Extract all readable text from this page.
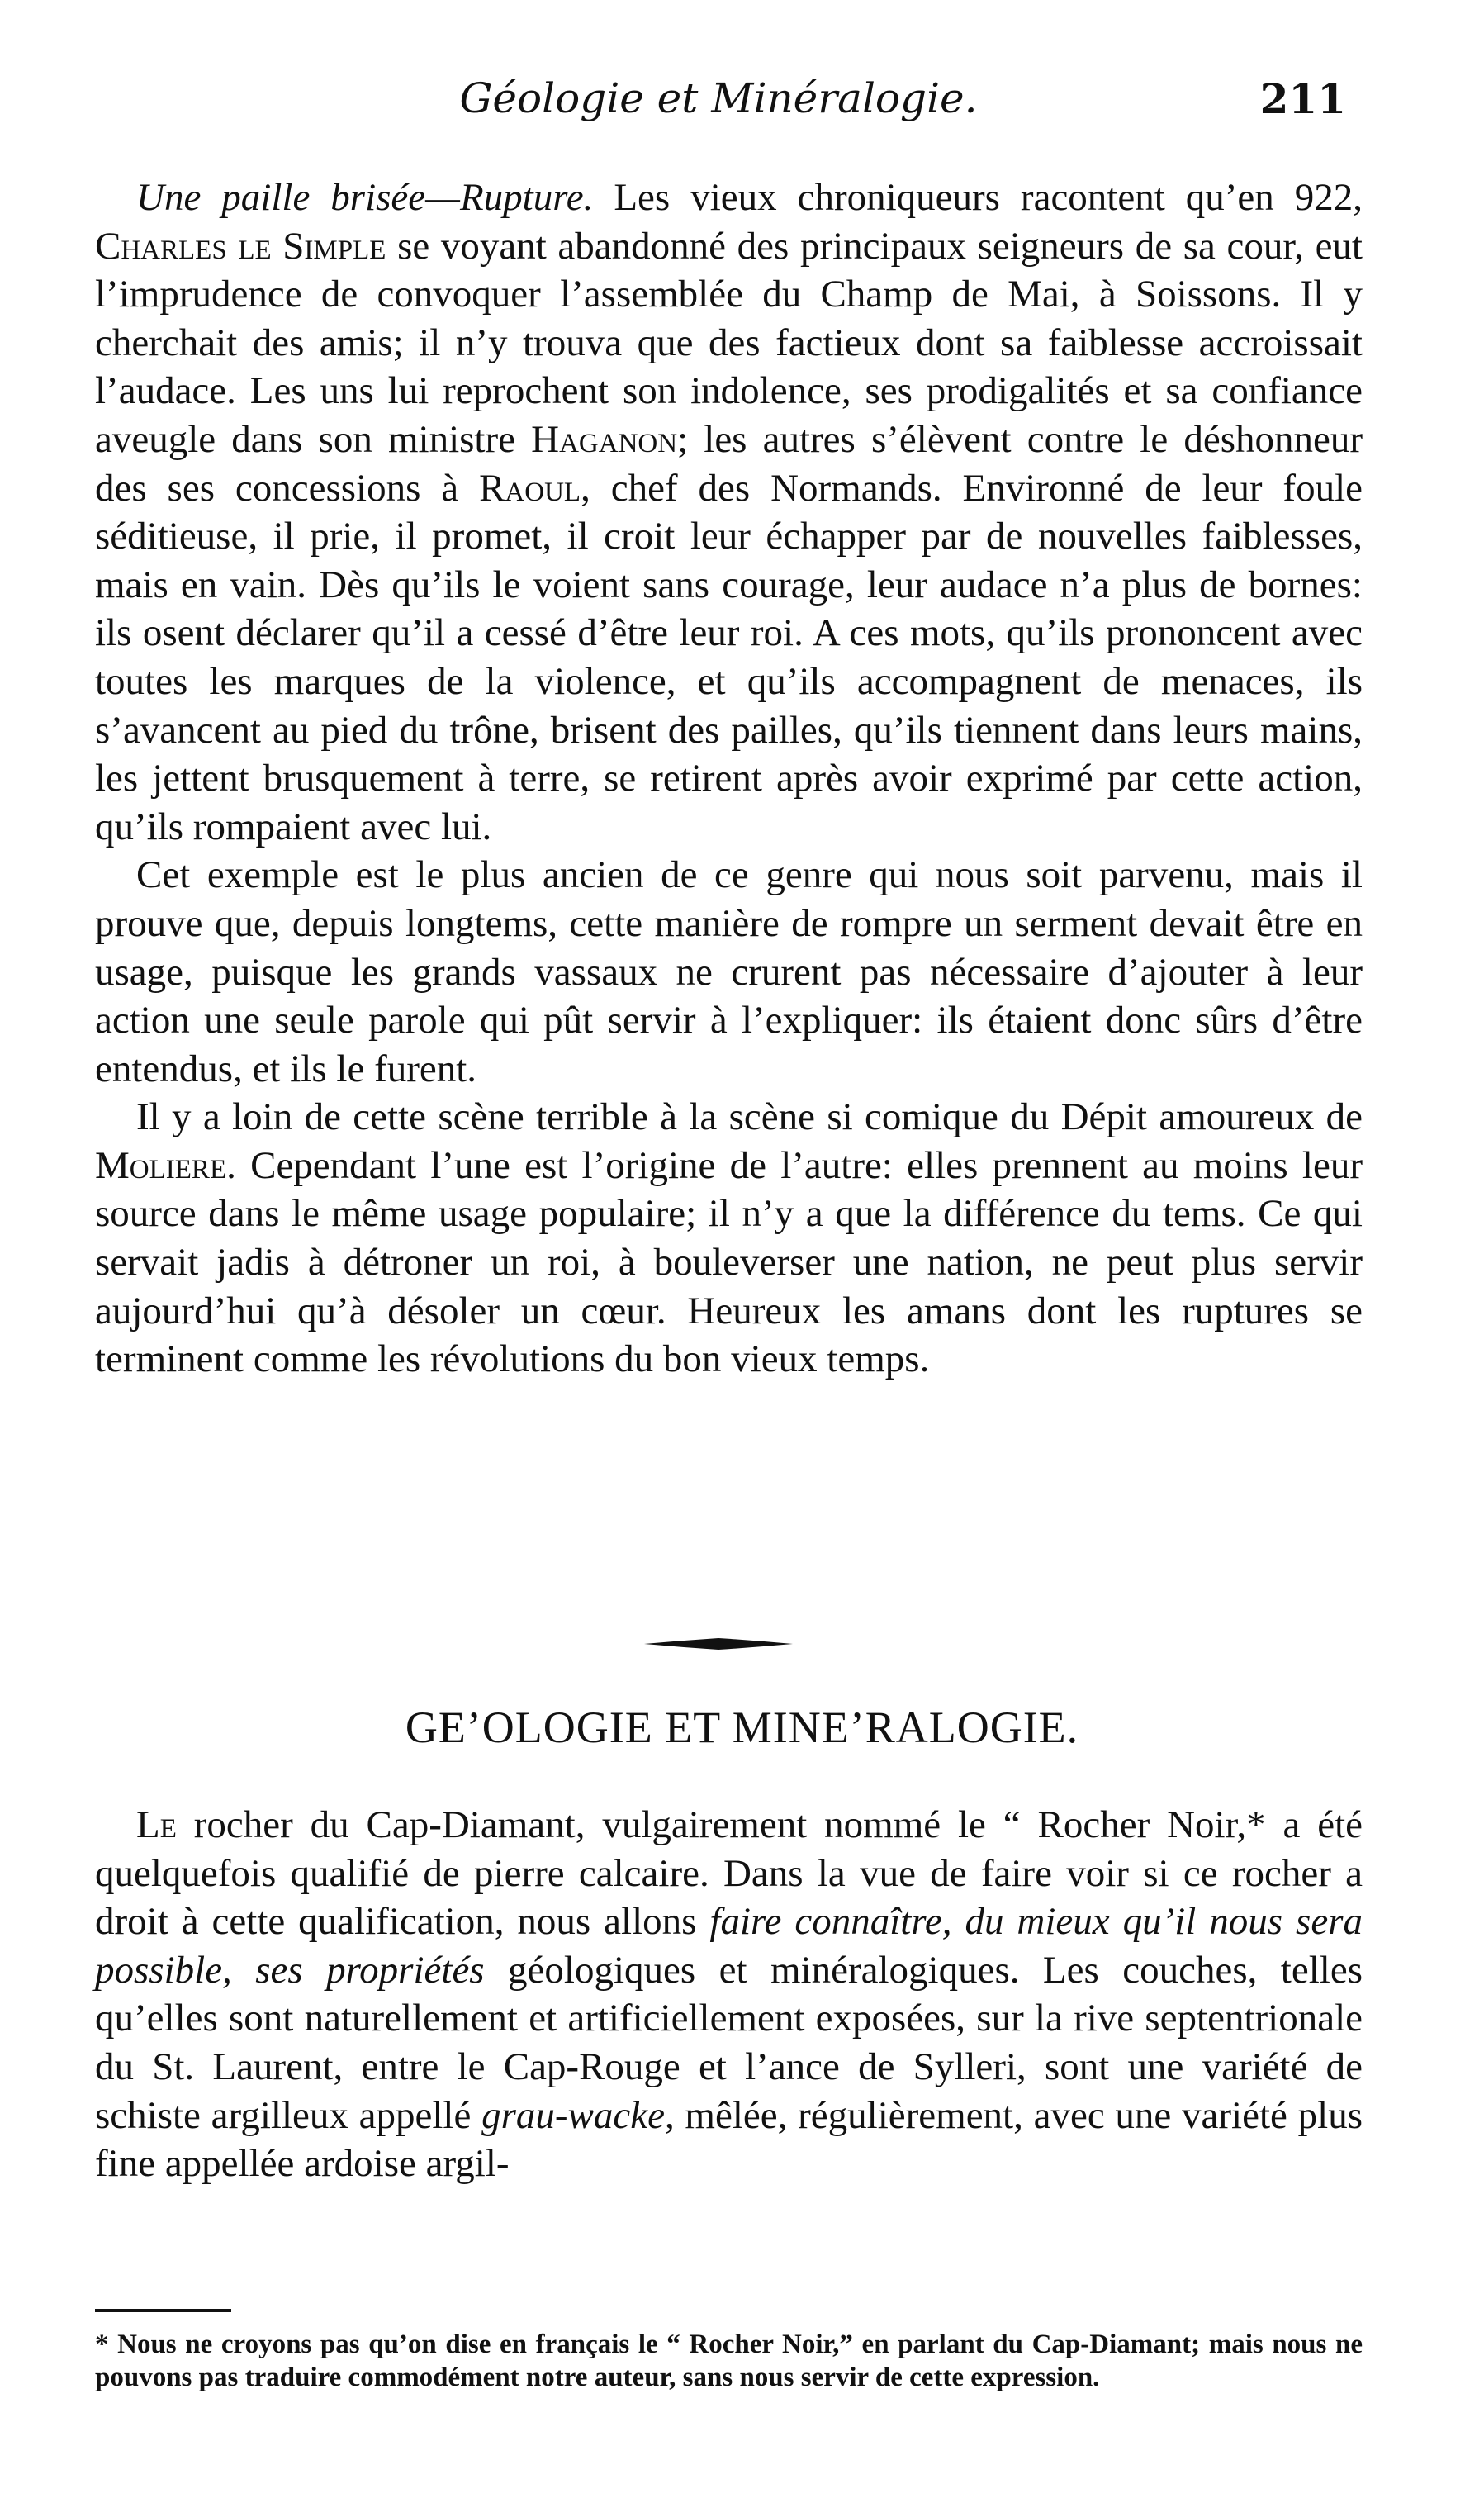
Géologie et Minéralogie.	211

Une paille brisée—Rupture. Les vieux chroniqueurs racontent qu’en 922, Charles le Simple se voyant abandonné des principaux seigneurs de sa cour, eut l’imprudence de convoquer l’assemblée du Champ de Mai, à Soissons. Il y cherchait des amis; il n’y trouva que des factieux dont sa faiblesse accroissait l’audace. Les uns lui reprochent son indolence, ses prodigalités et sa confiance aveugle dans son ministre Haganon; les autres s’élèvent contre le déshonneur des ses concessions à Raoul, chef des Normands. Environné de leur foule séditieuse, il prie, il promet, il croit leur échapper par de nouvelles faiblesses, mais en vain. Dès qu’ils le voient sans courage, leur audace n’a plus de bornes: ils osent déclarer qu’il a cessé d’être leur roi. A ces mots, qu’ils prononcent avec toutes les marques de la violence, et qu’ils accompagnent de menaces, ils s’avancent au pied du trône, brisent des pailles, qu’ils tiennent dans leurs mains, les jettent brusquement à terre, se retirent après avoir exprimé par cette action, qu’ils rompaient avec lui.

Cet exemple est le plus ancien de ce genre qui nous soit parvenu, mais il prouve que, depuis longtems, cette manière de rompre un serment devait être en usage, puisque les grands vassaux ne crurent pas nécessaire d’ajouter à leur action une seule parole qui pût servir à l’expliquer: ils étaient donc sûrs d’être entendus, et ils le furent.

Il y a loin de cette scène terrible à la scène si comique du Dépit amoureux de Moliere. Cependant l’une est l’origine de l’autre: elles prennent au moins leur source dans le même usage populaire; il n’y a que la différence du tems. Ce qui servait jadis à détroner un roi, à bouleverser une nation, ne peut plus servir aujourd’hui qu’à désoler un cœur. Heureux les amans dont les ruptures se terminent comme les révolutions du bon vieux temps.

GE’OLOGIE ET MINE’RALOGIE.

Le rocher du Cap-Diamant, vulgairement nommé le “ Rocher Noir,* a été quelquefois qualifié de pierre calcaire. Dans la vue de faire voir si ce rocher a droit à cette qualification, nous allons faire connaître, du mieux qu’il nous sera possible, ses propriétés géologiques et minéralogiques. Les couches, telles qu’elles sont naturellement et artificiellement exposées, sur la rive septentrionale du St. Laurent, entre le Cap-Rouge et l’ance de Sylleri, sont une variété de schiste argilleux appellé grau-wacke, mêlée, régulièrement, avec une variété plus fine appellée ardoise argil-

* Nous ne croyons pas qu’on dise en français le “ Rocher Noir,” en parlant du Cap-Diamant; mais nous ne pouvons pas traduire commodément notre auteur, sans nous servir de cette expression.
